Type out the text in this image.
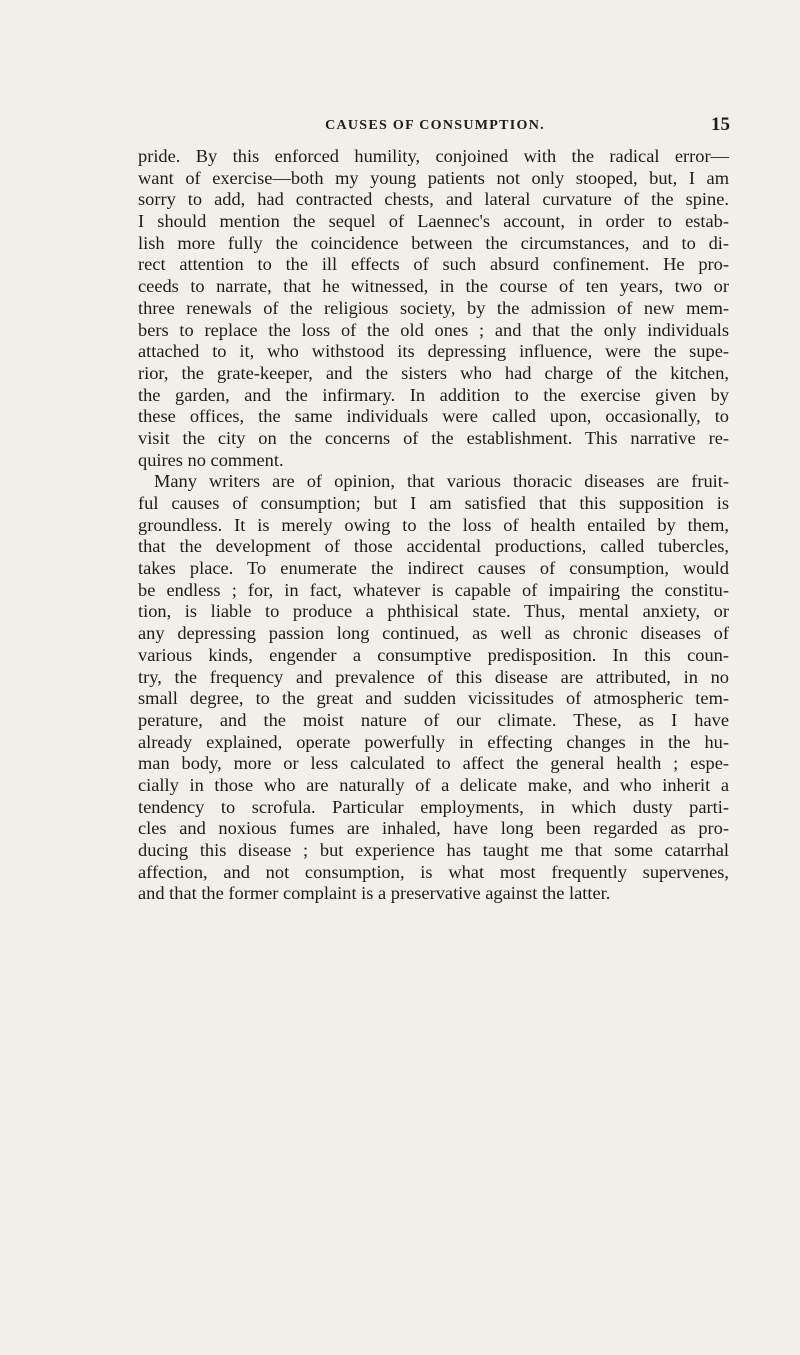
CAUSES OF CONSUMPTION.	15
pride. By this enforced humility, conjoined with the radical error—
want of exercise—both my young patients not only stooped, but, I am
sorry to add, had contracted chests, and lateral curvature of the spine.
I should mention the sequel of Laennec's account, in order to estab-
lish more fully the coincidence between the circumstances, and to di-
rect attention to the ill effects of such absurd confinement. He pro-
ceeds to narrate, that he witnessed, in the course of ten years, two or
three renewals of the religious society, by the admission of new mem-
bers to replace the loss of the old ones ; and that the only individuals
attached to it, who withstood its depressing influence, were the supe-
rior, the grate-keeper, and the sisters who had charge of the kitchen,
the garden, and the infirmary. In addition to the exercise given by
these offices, the same individuals were called upon, occasionally, to
visit the city on the concerns of the establishment. This narrative re-
quires no comment.
Many writers are of opinion, that various thoracic diseases are fruit-
ful causes of consumption; but I am satisfied that this supposition is
groundless. It is merely owing to the loss of health entailed by them,
that the development of those accidental productions, called tubercles,
takes place. To enumerate the indirect causes of consumption, would
be endless ; for, in fact, whatever is capable of impairing the constitu-
tion, is liable to produce a phthisical state. Thus, mental anxiety, or
any depressing passion long continued, as well as chronic diseases of
various kinds, engender a consumptive predisposition. In this coun-
try, the frequency and prevalence of this disease are attributed, in no
small degree, to the great and sudden vicissitudes of atmospheric tem-
perature, and the moist nature of our climate. These, as I have
already explained, operate powerfully in effecting changes in the hu-
man body, more or less calculated to affect the general health ; espe-
cially in those who are naturally of a delicate make, and who inherit a
tendency to scrofula. Particular employments, in which dusty parti-
cles and noxious fumes are inhaled, have long been regarded as pro-
ducing this disease ; but experience has taught me that some catarrhal
affection, and not consumption, is what most frequently supervenes,
and that the former complaint is a preservative against the latter.
